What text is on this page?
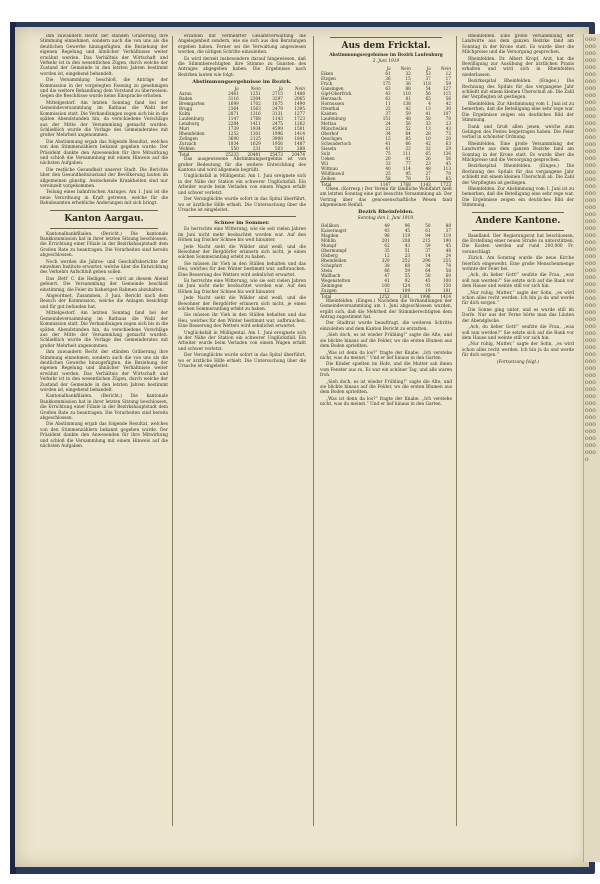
ooooooooooooooooooooooooooooooooooooooooooooooooooooooooooooooooooooooooooooooooooooooooooooooooooooooooooooooooooooooooooooooooooooooooooooooooooooooooooooooooooooooooooooooooooooo

ihm zuwandern Recht der ständen Gräberung ihre Stimmung einnehmen, sondern auch die von uns als die deutlichen Gewerbe hinzugefügten, die Beziehung der eigenen Regelung und ähnlicher Verhältnisse weiter erwähnt werden. Das Verhältnis der Wirtschaft und Verkehr ist in den wesentlichen Zügen, durch welche der Zustand der Gemeinde in den letzten Jahren bestimmt worden ist, eingehend behandelt.

Die Versammlung beschloß, die Anträge der Kommission in der vorgelegten Fassung zu genehmigen und die weitere Behandlung dem Vorstand zu überweisen. Gegen die Beschlüsse wurde keine Einsprache erhoben.

Mittelgestorf. Am letzten Sonntag fand bei der Gemeindeversammlung im Rathaus die Wahl der Kommission statt. Die Verhandlungen zogen sich bis in die späten Abendstunden hin, da verschiedene Vorschläge aus der Mitte der Versammlung gemacht wurden. Schließlich wurde die Vorlage des Gemeinderates mit großer Mehrheit angenommen.

Die Abstimmung ergab das folgende Resultat, welches von den Stimmenzählern bekannt gegeben wurde. Der Präsident dankte den Anwesenden für ihre Mitwirkung und schloß die Versammlung mit einem Hinweis auf die nächsten Aufgaben.

Die restliche Gesundheit unserer Stadt. Die Berichte über den Gesundheitszustand der Bevölkerung lauten im allgemeinen günstig. Ansteckende Krankheiten sind nur vereinzelt vorgekommen.

Teilung eines bahnfrischen Anzuges. Am 1. Juni ist die neue Verordnung in Kraft getreten, welche für die Bahnbeamten erhebliche Änderungen mit sich bringt.

Kanton Aargau.

Kantonalbankfilialen. (Bericht.) Die kantonale Bankkommission hat in ihrer letzten Sitzung beschlossen, die Errichtung einer Filiale in der Bezirkshauptstadt dem Großen Rate zu beantragen. Die Vorarbeiten sind bereits abgeschlossen.

Noch werden die Jahres- und Geschäftsberichte der einzelnen Institute erwartet, welche über die Entwicklung des Verkehrs Aufschluß geben sollen.

Das ,Bett' C. die Heiligen, — wird an diesem Abend gefeiert. Die Versammlung der Gemeinde beschloß einstimmig, die Feier im bisherigen Rahmen abzuhalten.

Abgeordnet, Zusammen, 3 Juni. Bericht nach dem Besuch der Kommission, welche die Anlagen besichtigt und für gut befunden hat.

Mittelgestorf. Am letzten Sonntag fand bei der Gemeindeversammlung im Rathaus die Wahl der Kommission statt. Die Verhandlungen zogen sich bis in die späten Abendstunden hin, da verschiedene Vorschläge aus der Mitte der Versammlung gemacht wurden. Schließlich wurde die Vorlage des Gemeinderates mit großer Mehrheit angenommen.

ihm zuwandern Recht der ständen Gräberung ihre Stimmung einnehmen, sondern auch die von uns als die deutlichen Gewerbe hinzugefügten, die Beziehung der eigenen Regelung und ähnlicher Verhältnisse weiter erwähnt werden. Das Verhältnis der Wirtschaft und Verkehr ist in den wesentlichen Zügen, durch welche der Zustand der Gemeinde in den letzten Jahren bestimmt worden ist, eingehend behandelt.

Kantonalbankfilialen. (Bericht.) Die kantonale Bankkommission hat in ihrer letzten Sitzung beschlossen, die Errichtung einer Filiale in der Bezirkshauptstadt dem Großen Rate zu beantragen. Die Vorarbeiten sind bereits abgeschlossen.

Die Abstimmung ergab das folgende Resultat, welches von den Stimmenzählern bekannt gegeben wurde. Der Präsident dankte den Anwesenden für ihre Mitwirkung und schloß die Versammlung mit einem Hinweis auf die nächsten Aufgaben.

erzählen mit vermehrter Gesamtverwaltung die Angelegenheit sondern, wie sie sich aus den Beratungen ergeben haben. Ferner sei die Verwaltung angewiesen worden, die nötigen Schritte einzuleiten.

Es wird derzeit insbesondere darauf hingewiesen, daß die Stimmberechtigten ihre Stimme zu Gunsten des Antrages abgegeben haben. Die Ergebnisse nach Bezirken lauten wie folgt:

Abstimmungsergebnisse im Bezirk.

	Ja	Nein	Ja	Nein
Aarau	2461	1251	2715	1488
Baden	3116	2304	3297	2065
Bremgarten	1699	1702	1875	1490
Brugg	2364	1563	2479	1395
Kulm	2871	1316	3131	1277
Laufenburg	1147	1768	1143	1723
Lenzburg	2284	1411	2475	1262
Muri	1739	1934	4599	1501
Rheinfelden	1252	1301	1996	1414
Zofingen	3690	2125	3908	1841
Zurzach	1834	1629	1956	1487
Wohlen	550	231	503	288
Total	25233	20481	25473	20474

Das ausgewiesene Abstimmungsergebnis ist von großer Bedeutung für die weitere Entwicklung des Kantons und wird allgemein begrüßt.

Unglücksfall in Mülligental. Am 1. Juni ereignete sich in der Nähe der Station ein schwerer Unglücksfall. Ein Arbeiter wurde beim Verladen von einem Wagen erfaßt und schwer verletzt.

Der Verunglückte wurde sofort in das Spital überführt, wo er ärztliche Hilfe erhielt. Die Untersuchung über die Ursache ist eingeleitet.

Schnee im Sommer.

Es herrschte eine Witterung, wie sie seit vielen Jahren im Juni nicht mehr beobachtet worden war. Auf den Höhen lag frischer Schnee bis weit hinunter.

Jede Nacht sieht die Wälder sind weiß, und die Bewohner der Bergdörfer erinnern sich nicht, je einen solchen Sommeranfang erlebt zu haben.

Sie müssen ihr Vieh in den Ställen behalten und das Heu, welches für den Winter bestimmt war, aufbrauchen. Eine Besserung des Wetters wird sehnlichst erwartet.

Es herrschte eine Witterung, wie sie seit vielen Jahren im Juni nicht mehr beobachtet worden war. Auf den Höhen lag frischer Schnee bis weit hinunter.

Jede Nacht sieht die Wälder sind weiß, und die Bewohner der Bergdörfer erinnern sich nicht, je einen solchen Sommeranfang erlebt zu haben.

Sie müssen ihr Vieh in den Ställen behalten und das Heu, welches für den Winter bestimmt war, aufbrauchen. Eine Besserung des Wetters wird sehnlichst erwartet.

Unglücksfall in Mülligental. Am 1. Juni ereignete sich in der Nähe der Station ein schwerer Unglücksfall. Ein Arbeiter wurde beim Verladen von einem Wagen erfaßt und schwer verletzt.

Der Verunglückte wurde sofort in das Spital überführt, wo er ärztliche Hilfe erhielt. Die Untersuchung über die Ursache ist eingeleitet.

Aus dem Fricktal.

Abstimmungsergebnisse im Bezirk Laufenburg

2. Juni 1919

	Ja	Nein	Ja	Nein
Eiken	61	32	53	12
Etzgen	36	15	37	17
Frick	175	36	118	59
Gansingen	63	88	54	127
Gipf-Oberfrick	43	110	56	115
Herznach	62	81	65	56
Hornussen	11	138	4	42
Ittenthal	22	42	13	30
Kaisten	37	59	41	107
Laufenburg	151	48	58	70
Mettau	24	56	33	23
Münchwilen	21	52	13	43
Oberhof	34	64	28	75
Oeschgen	15	85	10	20
Schwaderloch	41	66	42	63
Sisseln	41	22	32	29
Sulz	75	111	65	136
Ueken	20	41	26	56
Wil	33	77	23	45
Wittnau	40	114	48	113
Wölflinswil	25	95	27	70
Zeihen	58	78	51	65
Total	1147	1768	1143	1723

Ölsen. (Korresp.) Der Verein für ländliche Wohlfahrt hielt am letzten Sonntag eine gut besuchte Versammlung ab. Der Vortrag über das genossenschaftliche Wesen fand allgemeinen Beifall.

Bezirk Rheinfelden.

Sonntag den 1. Juni 1919.

Hellikon	49	96	50	88
Kaiseraugst	43	45	61	37
Magden	98	119	94	119
Möhlin	201	208	215	190
Mumpf	62	43	59	45
Obermumpf	35	51	37	48
Olsberg	12	23	14	24
Rheinfelden	329	252	290	255
Schupfart	38	68	34	78
Stein	66	59	64	58
Wallbach	47	55	50	60
Wegenstetten	41	92	45	100
Zeiningen	100	124	93	150
Zuzgen	12	109	19	101
Total	1252	1301	1996	1414

Rheinfelden. (Einges.) Nachdem die Verhandlungen der Gemeindeversammlung am 1. Juni abgeschlossen wurden, ergibt sich, daß die Mehrheit der Stimmberechtigten dem Antrag zugestimmt hat.

Der Stadtrat wurde beauftragt, die weiteren Schritte einzuleiten und dem Kanton Bericht zu erstatten.

„Sieh doch, es ist wieder Frühling!“ sagte die Alte, und sie blickte hinaus auf die Felder, wo die ersten Blumen aus dem Boden sprießten.

„Was ist denn da los?“ fragte der Knabe. „Ich verstehe nicht, was du meinst.“ Und er lief hinaus in den Garten.

Die Kinder spielten im Hofe, und die Mutter sah ihnen vom Fenster aus zu. Es war ein schöner Tag, und alle waren froh.

„Sieh doch, es ist wieder Frühling!“ sagte die Alte, und sie blickte hinaus auf die Felder, wo die ersten Blumen aus dem Boden sprießten.

„Was ist denn da los?“ fragte der Knabe. „Ich verstehe nicht, was du meinst.“ Und er lief hinaus in den Garten.

Rheinfelden. Eine große Versammlung der Landwirte aus dem ganzen Bezirke fand am Sonntag in der Krone statt. Es wurde über die Milchpreise und die Versorgung gesprochen.

Rheinfelden. Dr. Albert Kropf, Arzt, hat die Bewilligung zur Ausübung der ärztlichen Praxis erhalten und wird sich in Rheinfelden niederlassen.

Bezirksspital Rheinfelden. (Einges.) Die Rechnung des Spitals für das vergangene Jahr schließt mit einem kleinen Überschuß ab. Die Zahl der Verpflegten ist gestiegen.

Rheinfelden. Zur Abstimmung vom 1. Juni ist zu bemerken, daß die Beteiligung eine sehr rege war. Die Ergebnisse zeigen ein deutliches Bild der Stimmung.

Dank und Gruß allen jenen, welche zum Gelingen des Festes beigetragen haben. Die Feier verlief in schönster Ordnung.

Rheinfelden. Eine große Versammlung der Landwirte aus dem ganzen Bezirke fand am Sonntag in der Krone statt. Es wurde über die Milchpreise und die Versorgung gesprochen.

Bezirksspital Rheinfelden. (Einges.) Die Rechnung des Spitals für das vergangene Jahr schließt mit einem kleinen Überschuß ab. Die Zahl der Verpflegten ist gestiegen.

Rheinfelden. Zur Abstimmung vom 1. Juni ist zu bemerken, daß die Beteiligung eine sehr rege war. Die Ergebnisse zeigen ein deutliches Bild der Stimmung.

Andere Kantone.

Baselland. Der Regierungsrat hat beschlossen, die Erstellung einer neuen Straße zu unterstützen. Die Kosten werden auf rund 200,000 Fr. veranschlagt.

Zürich. Am Sonntag wurde die neue Kirche feierlich eingeweiht. Eine große Menschenmenge wohnte der Feier bei.

„Ach, du lieber Gott!“ seufzte die Frau, „was soll nun werden?“ Sie setzte sich auf die Bank vor dem Hause und weinte still vor sich hin.

„Nur ruhig, Mutter,“ sagte der Sohn, „es wird schon alles recht werden. Ich bin ja da und werde für dich sorgen.“

Die Sonne ging unter, und es wurde still im Dorfe. Nur aus der Ferne hörte man das Läuten der Abendglocke.

„Ach, du lieber Gott!“ seufzte die Frau, „was soll nun werden?“ Sie setzte sich auf die Bank vor dem Hause und weinte still vor sich hin.

„Nur ruhig, Mutter,“ sagte der Sohn, „es wird schon alles recht werden. Ich bin ja da und werde für dich sorgen.“

(Fortsetzung folgt.)
